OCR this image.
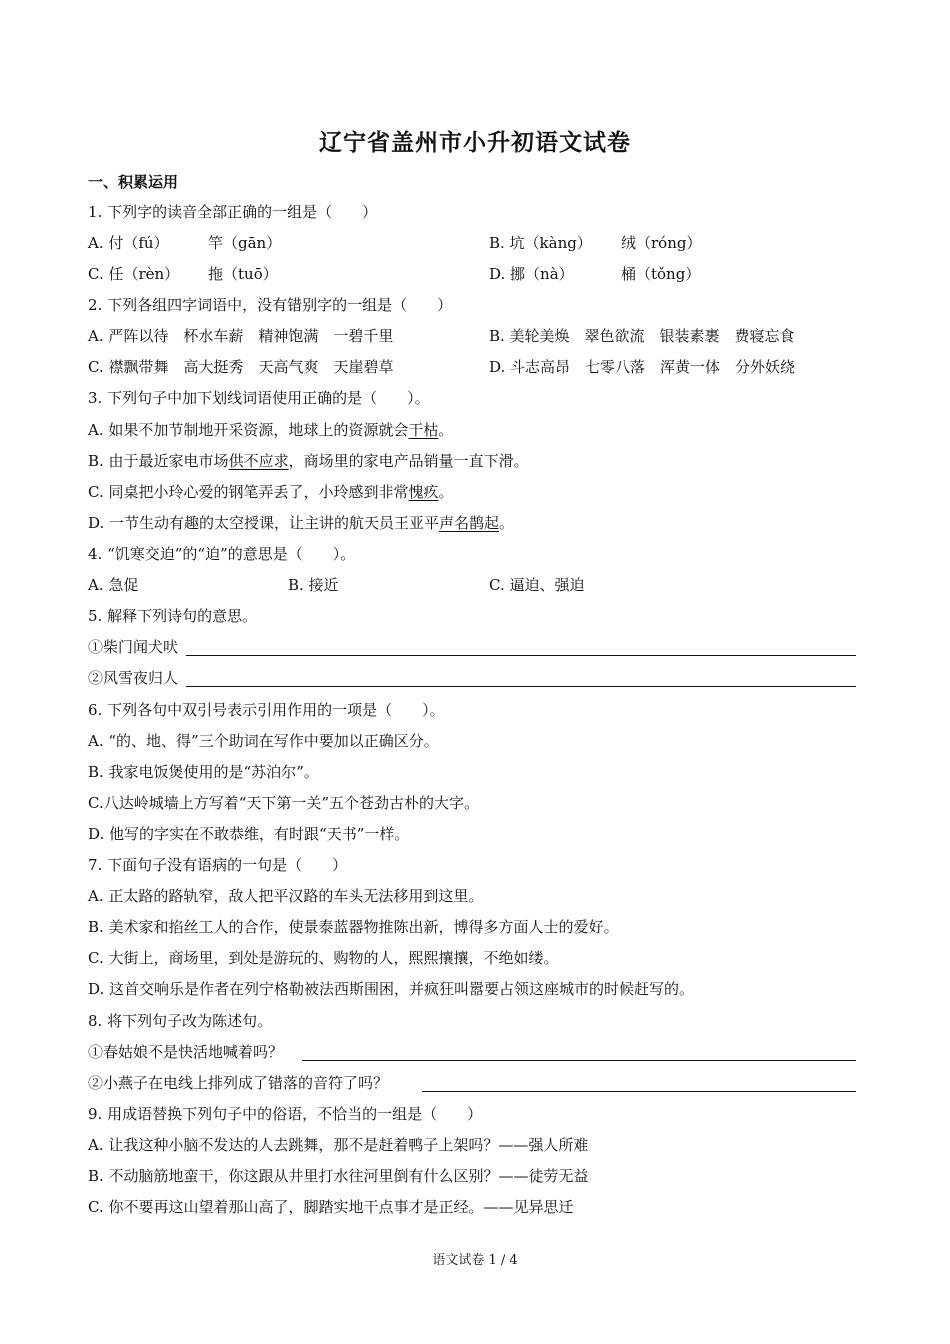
辽宁省盖州市小升初语文试卷
一、积累运用
1. 下列字的读音全部正确的一组是（　　）
A. 付（fú）	竿（gān）	B. 坑（kàng） 绒（róng）
C. 任（rèn） 拖（tuō）	D. 挪（nà）	桶（tǒng）
2. 下列各组四字词语中，没有错别字的一组是（　　）
A. 严阵以待　杯水车薪　精神饱满　一碧千里	B. 美轮美焕　翠色欲流　银装素裹　费寝忘食
C. 襟飘带舞　高大挺秀　天高气爽　天崖碧草	D. 斗志高昂　七零八落　浑黄一体　分外妖绕
3. 下列句子中加下划线词语使用正确的是（　　）。
A. 如果不加节制地开采资源，地球上的资源就会干枯。
B. 由于最近家电市场供不应求，商场里的家电产品销量一直下滑。
C. 同桌把小玲心爱的钢笔弄丢了，小玲感到非常愧疚。
D. 一节生动有趣的太空授课，让主讲的航天员王亚平声名鹊起。
4. “饥寒交迫”的“迫”的意思是（　　）。
A. 急促	B. 接近	C. 逼迫、强迫
5. 解释下列诗句的意思。
①柴门闻犬吠
②风雪夜归人
6. 下列各句中双引号表示引用作用的一项是（　　）。
A. “的、地、得”三个助词在写作中要加以正确区分。
B. 我家电饭煲使用的是“苏泊尔”。
C.八达岭城墙上方写着“天下第一关”五个苍劲古朴的大字。
D. 他写的字实在不敢恭维，有时跟“天书”一样。
7. 下面句子没有语病的一句是（　　）
A. 正太路的路轨窄，敌人把平汉路的车头无法移用到这里。
B. 美术家和掐丝工人的合作，使景泰蓝器物推陈出新，博得多方面人士的爱好。
C. 大街上，商场里，到处是游玩的、购物的人，熙熙攘攘，不绝如缕。
D. 这首交响乐是作者在列宁格勒被法西斯围困，并疯狂叫嚣要占领这座城市的时候赶写的。
8. 将下列句子改为陈述句。
①春姑娘不是快活地喊着吗？
②小燕子在电线上排列成了错落的音符了吗？
9. 用成语替换下列句子中的俗语，不恰当的一组是（　　）
A. 让我这种小脑不发达的人去跳舞，那不是赶着鸭子上架吗？——强人所难
B. 不动脑筋地蛮干，你这跟从井里打水往河里倒有什么区别？——徒劳无益
C. 你不要再这山望着那山高了，脚踏实地干点事才是正经。——见异思迁
语文试卷 1 / 4
